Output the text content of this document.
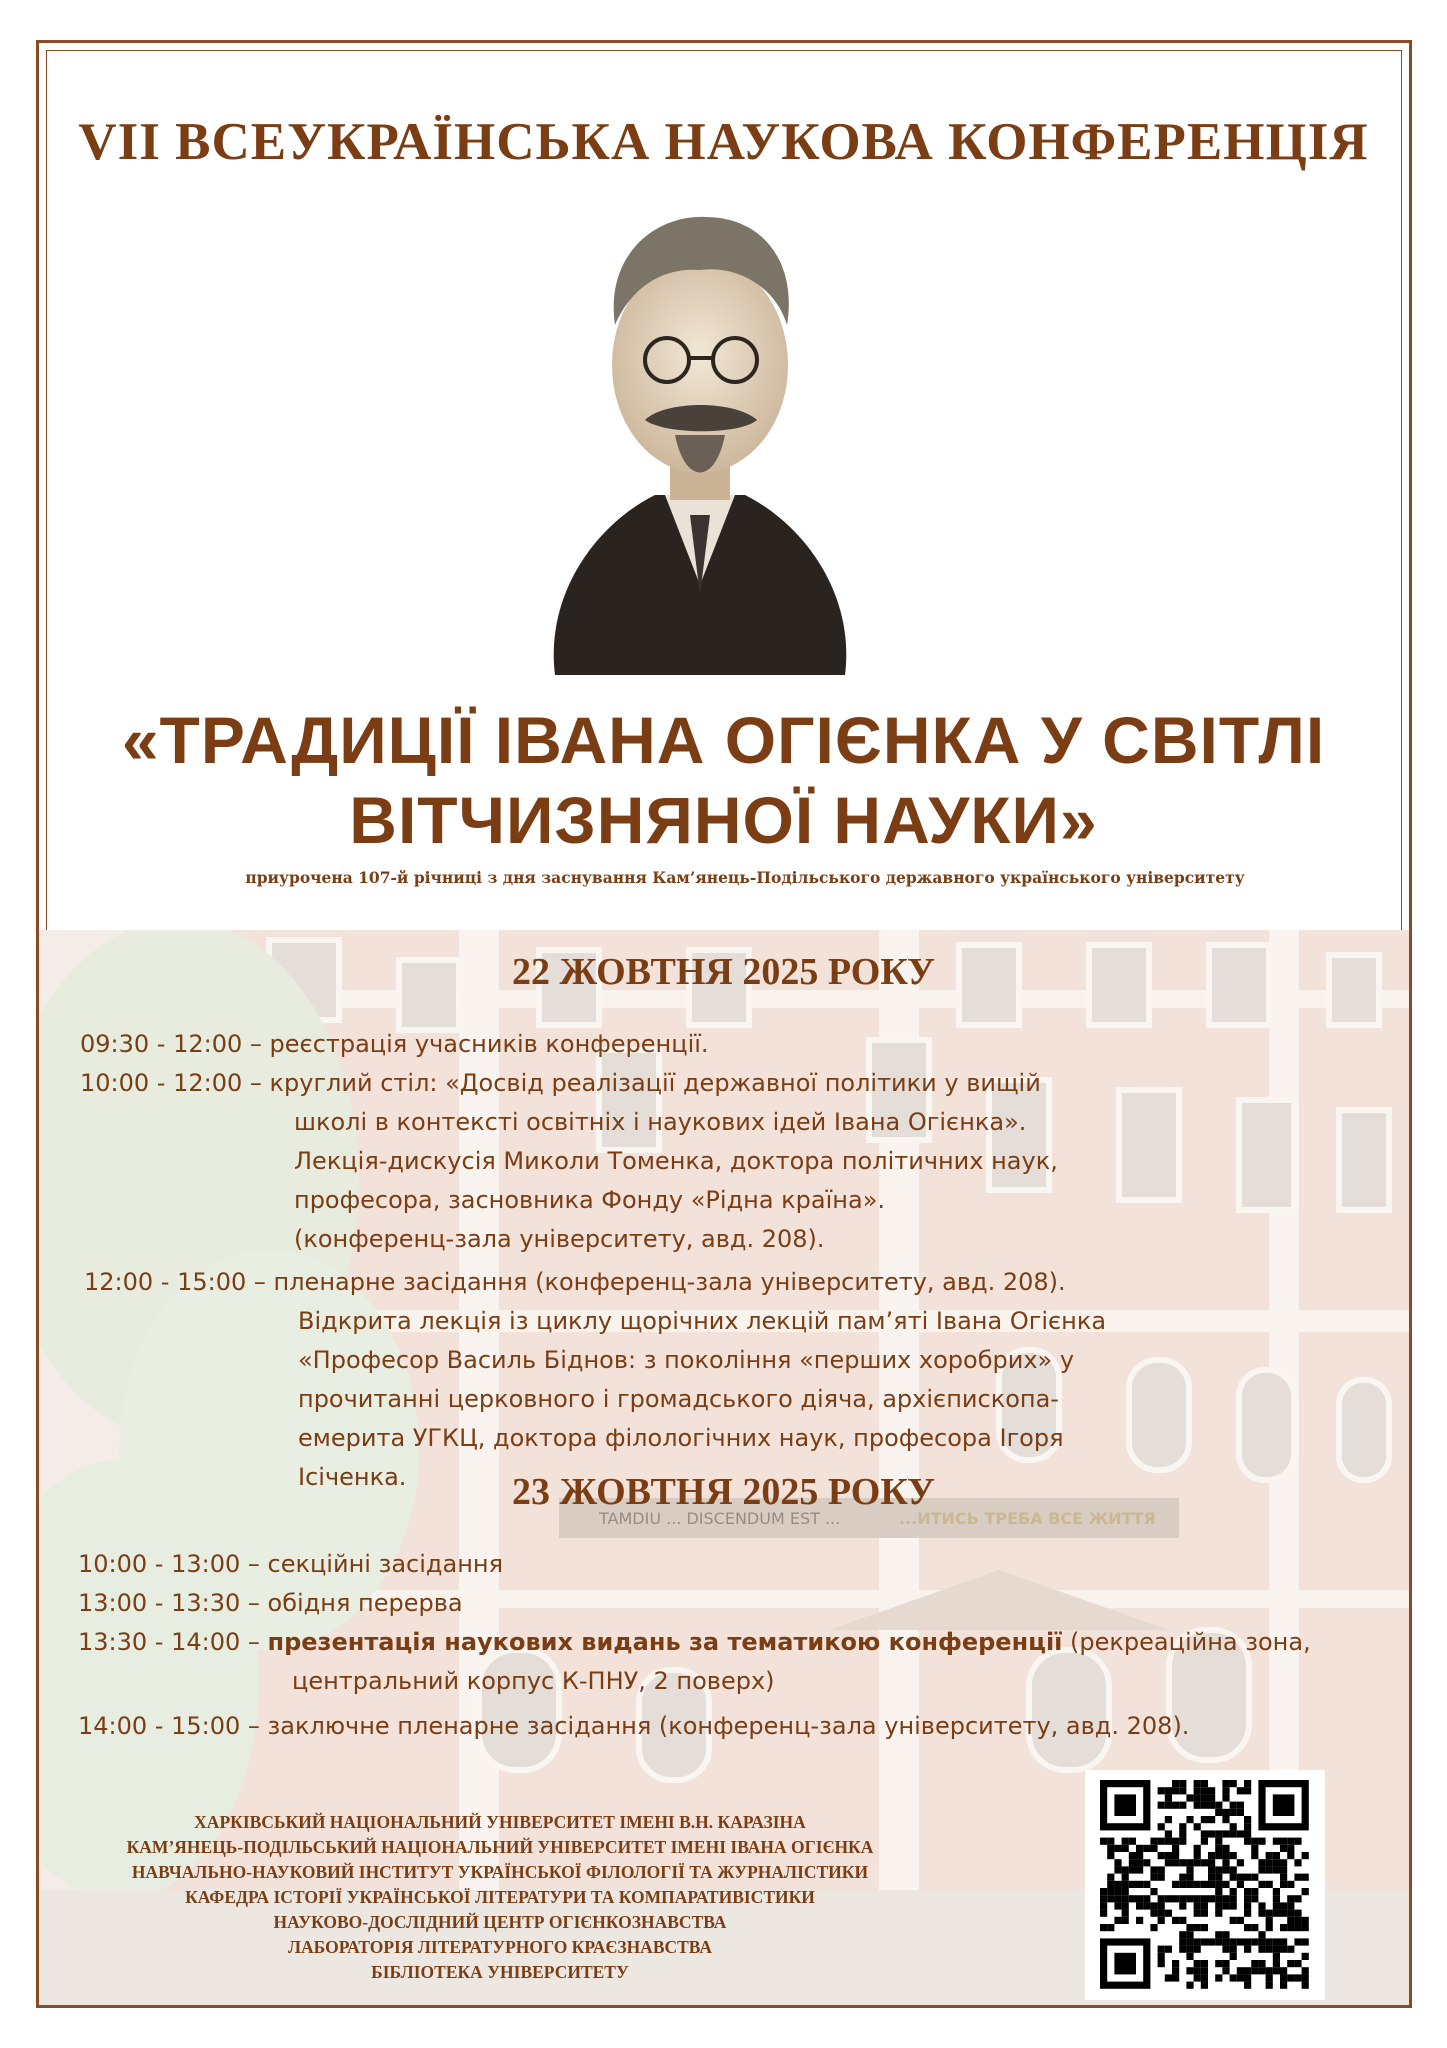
TAMDIU ... DISCENDUM EST ...	...ИТИСЬ ТРЕБА ВСЕ ЖИТТЯ
VII ВСЕУКРАЇНСЬКА НАУКОВА КОНФЕРЕНЦІЯ
«ТРАДИЦІЇ ІВАНА ОГІЄНКА У СВІТЛІ
ВІТЧИЗНЯНОЇ НАУКИ»
приурочена 107-й річниці з дня заснування Кам’янець-Подільського державного українського університету
22 ЖОВТНЯ 2025 РОКУ
09:30 - 12:00 – реєстрація учасників конференції.
10:00 - 12:00 – круглий стіл: «Досвід реалізації державної політики у вищій
школі в контексті освітніх і наукових ідей Івана Огієнка».
Лекція-дискусія Миколи Томенка, доктора політичних наук,
професора, засновника Фонду «Рідна країна».
(конференц-зала університету, авд. 208).
12:00 - 15:00 – пленарне засідання (конференц-зала університету, авд. 208).
Відкрита лекція із циклу щорічних лекцій пам’яті Івана Огієнка
«Професор Василь Біднов: з покоління «перших хоробрих» у
прочитанні церковного і громадського діяча, архієпископа-
емерита УГКЦ, доктора філологічних наук, професора Ігоря
Ісіченка.	23 ЖОВТНЯ 2025 РОКУ
10:00 - 13:00 – секційні засідання
13:00 - 13:30 – обідня перерва
13:30 - 14:00 – презентація наукових видань за тематикою конференції (рекреаційна зона,
центральний корпус К-ПНУ, 2 поверх)
14:00 - 15:00 – заключне пленарне засідання (конференц-зала університету, авд. 208).
ХАРКІВСЬКИЙ НАЦІОНАЛЬНИЙ УНІВЕРСИТЕТ ІМЕНІ В.Н. КАРАЗІНА
КАМ’ЯНЕЦЬ-ПОДІЛЬСЬКИЙ НАЦІОНАЛЬНИЙ УНІВЕРСИТЕТ ІМЕНІ ІВАНА ОГІЄНКА
НАВЧАЛЬНО-НАУКОВИЙ ІНСТИТУТ УКРАЇНСЬКОЇ ФІЛОЛОГІЇ ТА ЖУРНАЛІСТИКИ
КАФЕДРА ІСТОРІЇ УКРАЇНСЬКОЇ ЛІТЕРАТУРИ ТА КОМПАРАТИВІСТИКИ
НАУКОВО-ДОСЛІДНИЙ ЦЕНТР ОГІЄНКОЗНАВСТВА
ЛАБОРАТОРІЯ ЛІТЕРАТУРНОГО КРАЄЗНАВСТВА
БІБЛІОТЕКА УНІВЕРСИТЕТУ
